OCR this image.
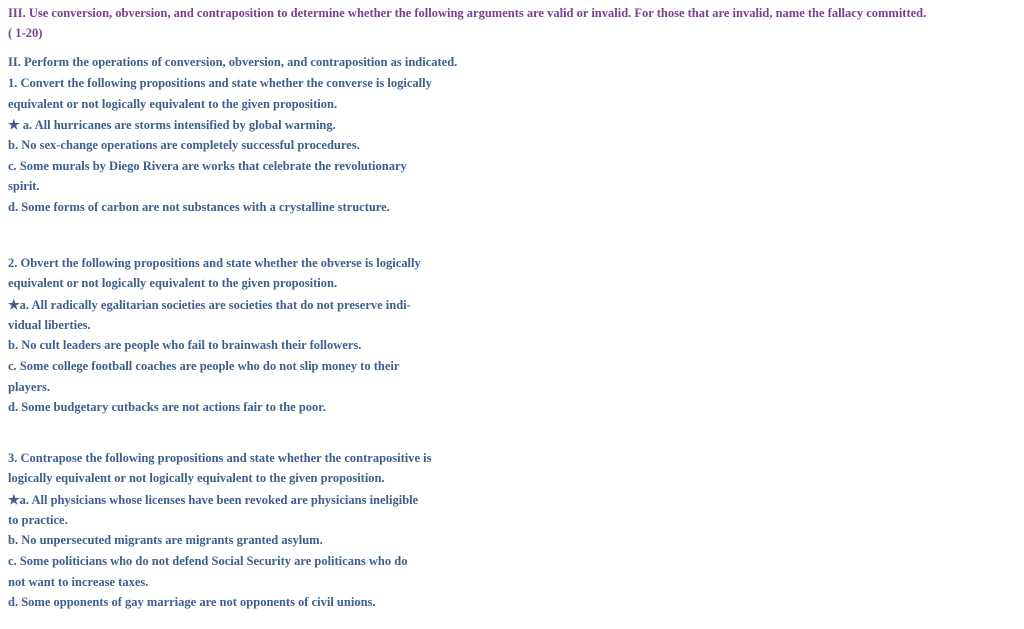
III. Use conversion, obversion, and contraposition to determine whether the following arguments are valid or invalid. For those that are invalid, name the fallacy committed.
( 1-20)
II. Perform the operations of conversion, obversion, and contraposition as indicated.
1. Convert the following propositions and state whether the converse is logically
equivalent or not logically equivalent to the given proposition.
★ a. All hurricanes are storms intensified by global warming.
b. No sex-change operations are completely successful procedures.
c. Some murals by Diego Rivera are works that celebrate the revolutionary
spirit.
d. Some forms of carbon are not substances with a crystalline structure.
2. Obvert the following propositions and state whether the obverse is logically
equivalent or not logically equivalent to the given proposition.
★a. All radically egalitarian societies are societies that do not preserve indi-
vidual liberties.
b. No cult leaders are people who fail to brainwash their followers.
c. Some college football coaches are people who do not slip money to their
players.
d. Some budgetary cutbacks are not actions fair to the poor.
3. Contrapose the following propositions and state whether the contrapositive is
logically equivalent or not logically equivalent to the given proposition.
★a. All physicians whose licenses have been revoked are physicians ineligible
to practice.
b. No unpersecuted migrants are migrants granted asylum.
c. Some politicians who do not defend Social Security are politicans who do
not want to increase taxes.
d. Some opponents of gay marriage are not opponents of civil unions.
